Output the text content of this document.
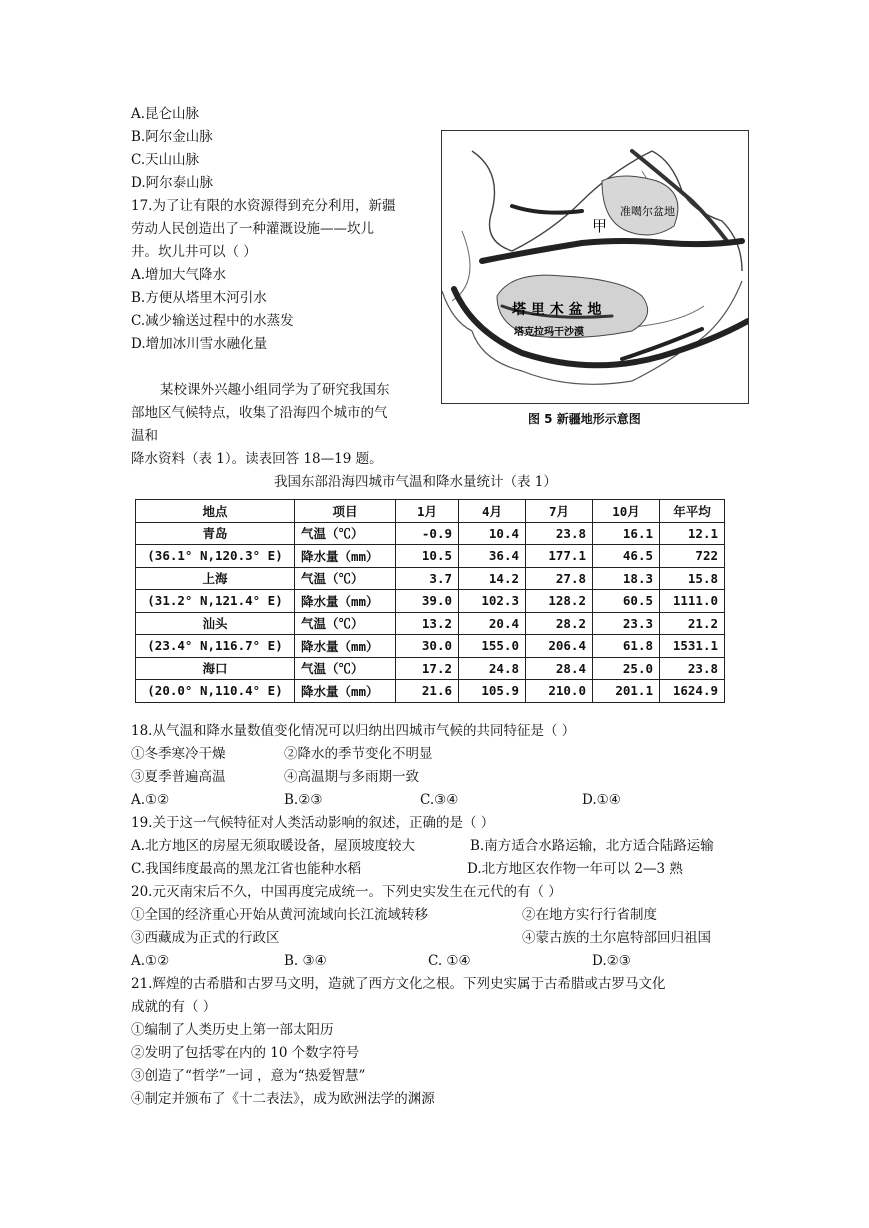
A.昆仑山脉
B.阿尔金山脉
C.天山山脉
D.阿尔泰山脉
17.为了让有限的水资源得到充分利用，新疆
劳动人民创造出了一种灌溉设施——坎儿
井。坎儿井可以（ ）
A.增加大气降水
B.方便从塔里木河引水
C.减少输送过程中的水蒸发
D.增加冰川雪水融化量
某校课外兴趣小组同学为了研究我国东
部地区气候特点，收集了沿海四个城市的气
温和
降水资料（表 1）。读表回答 18—19 题。
准噶尔盆地
甲
塔 里 木 盆 地
塔克拉玛干沙漠
图 5 新疆地形示意图
我国东部沿海四城市气温和降水量统计（表 1）
地点	项目	1月	4月	7月	10月	年平均
青岛	气温（℃）	-0.9	10.4	23.8	16.1	12.1
(36.1° N,120.3° E)	降水量（mm）	10.5	36.4	177.1	46.5	722
上海	气温（℃）	3.7	14.2	27.8	18.3	15.8
(31.2° N,121.4° E)	降水量（mm）	39.0	102.3	128.2	60.5	1111.0
汕头	气温（℃）	13.2	20.4	28.2	23.3	21.2
(23.4° N,116.7° E)	降水量（mm）	30.0	155.0	206.4	61.8	1531.1
海口	气温（℃）	17.2	24.8	28.4	25.0	23.8
(20.0° N,110.4° E)	降水量（mm）	21.6	105.9	210.0	201.1	1624.9
18.从气温和降水量数值变化情况可以归纳出四城市气候的共同特征是（ ）
①冬季寒冷干燥	②降水的季节变化不明显
③夏季普遍高温	④高温期与多雨期一致
A.①②	B.②③	C.③④	D.①④
19.关于这一气候特征对人类活动影响的叙述，正确的是（ ）
A.北方地区的房屋无须取暖设备，屋顶坡度较大	B.南方适合水路运输，北方适合陆路运输
C.我国纬度最高的黑龙江省也能种水稻	D.北方地区农作物一年可以 2—3 熟
20.元灭南宋后不久，中国再度完成统一。下列史实发生在元代的有（ ）
①全国的经济重心开始从黄河流域向长江流域转移	②在地方实行行省制度
③西藏成为正式的行政区	④蒙古族的土尔扈特部回归祖国
A.①②	B. ③④	C. ①④	D.②③
21.辉煌的古希腊和古罗马文明，造就了西方文化之根。下列史实属于古希腊或古罗马文化
成就的有（ ）
①编制了人类历史上第一部太阳历
②发明了包括零在内的 10 个数字符号
③创造了“哲学”一词 ，意为“热爱智慧”
④制定并颁布了《十二表法》，成为欧洲法学的渊源
